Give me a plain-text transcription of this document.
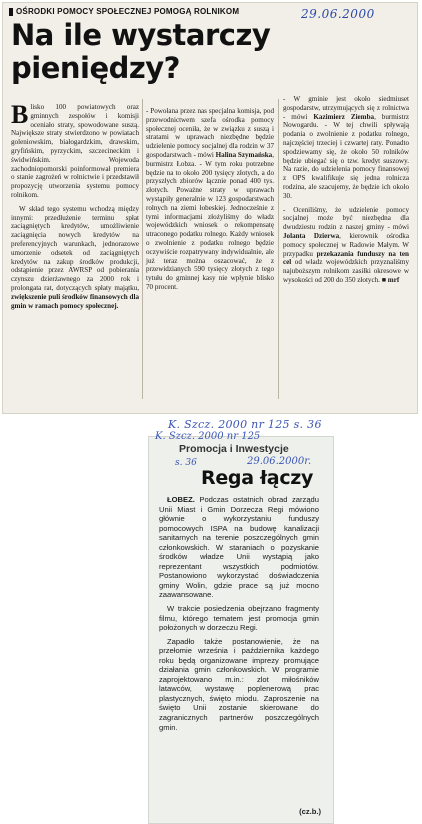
OŚRODKI POMOCY SPOŁECZNEJ POMOGĄ ROLNIKOM	29.06.2000
Na ile wystarczy
pieniędzy?

Blisko 100 powiatowych oraz gminnych zespołów i komisji oceniało straty, spowodowane suszą. Największe straty stwierdzono w powiatach goleniowskim, białogardzkim, drawskim, gryfińskim, pyrzyckim, szczecineckim i świdwińskim. Wojewoda zachodniopomorski poinformował premiera o stanie zagrożeń w rolnictwie i przedstawił propozycję utworzenia systemu pomocy rolnikom.

W skład tego systemu wchodzą między innymi: przedłużenie terminu spłat zaciągniętych kredytów, umożliwienie zaciągnięcia nowych kredytów na preferencyjnych warunkach, jednorazowe umorzenie odsetek od zaciągniętych kredytów na zakup środków produkcji, odstąpienie przez AWRSP od pobierania czynszu dzierżawnego za 2000 rok i prolongata rat, dotyczących spłaty majątku, zwiększenie puli środków finansowych dla gmin w ramach pomocy społecznej.

- Powołana przez nas specjalna komisja, pod przewodnictwem szefa ośrodka pomocy społecznej oceniła, że w związku z suszą i stratami w uprawach niezbędne będzie udzielenie pomocy socjalnej dla rodzin w 37 gospodarstwach - mówi Halina Szymańska, burmistrz Łobza. - W tym roku potrzebne będzie na to około 200 tysięcy złotych, a do przyszłych zbiorów łącznie ponad 400 tys. złotych. Poważne straty w uprawach wystąpiły generalnie w 123 gospodarstwach rolnych na ziemi łobeskiej. Jednocześnie z tymi informacjami złożyliśmy do władz wojewódzkich wniosek o rekompensatę utraconego podatku rolnego. Każdy wniosek o zwolnienie z podatku rolnego będzie oczywiście rozpatrywany indywidualnie, ale już teraz można oszacować, że z przewidzianych 590 tysięcy złotych z tego tytułu do gminnej kasy nie wpłynie blisko 70 procent.

- W gminie jest około siedmiuset gospodarstw, utrzymujących się z rolnictwa - mówi Kazimierz Ziemba, burmistrz Nowogardu. - W tej chwili spływają podania o zwolnienie z podatku rolnego, najczęściej trzeciej i czwartej raty. Ponadto spodziewamy się, że około 50 rolników będzie ubiegać się o tzw. kredyt suszowy. Na razie, do udzielenia pomocy finansowej z OPS kwalifikuje się jedna rolnicza rodzina, ale szacujemy, że będzie ich około 30.

- Oceniliśmy, że udzielenie pomocy socjalnej może być niezbędna dla dwudziestu rodzin z naszej gminy - mówi Jolanta Dzierwa, kierownik ośrodka pomocy społecznej w Radowie Małym. W przypadku przekazania funduszy na ten cel od władz wojewódzkich przyznaliśmy najuboższym rolnikom zasiłki okresowe w wysokości od 200 do 350 złotych. ■ mrf

K. Szcz. 2000 nr 125 s. 36
K. Szcz. 2000 nr 125
Promocja i Inwestycje
s. 36	29.06.2000r.
Rega łączy

ŁOBEZ. Podczas ostatnich obrad zarządu Unii Miast i Gmin Dorzecza Regi mówiono głównie o wykorzystaniu funduszy pomocowych ISPA na budowę kanalizacji sanitarnych na terenie poszczególnych gmin członkowskich. W staraniach o pozyskanie środków władze Unii wystąpią jako reprezentant wszystkich podmiotów. Postanowiono wykorzystać doświadczenia gminy Wolin, gdzie prace są już mocno zaawansowane.

W trakcie posiedzenia obejrzano fragmenty filmu, którego tematem jest promocja gmin położonych w dorzeczu Regi.

Zapadło także postanowienie, że na przełomie września i października każdego roku będą organizowane imprezy promujące działania gmin członkowskich. W programie zaprojektowano m.in.: zlot miłośników latawców, wystawę poplenerową prac plastycznych, święto miodu. Zaproszenie na święto Unii zostanie skierowane do zagranicznych partnerów poszczególnych gmin.

(cz.b.)
